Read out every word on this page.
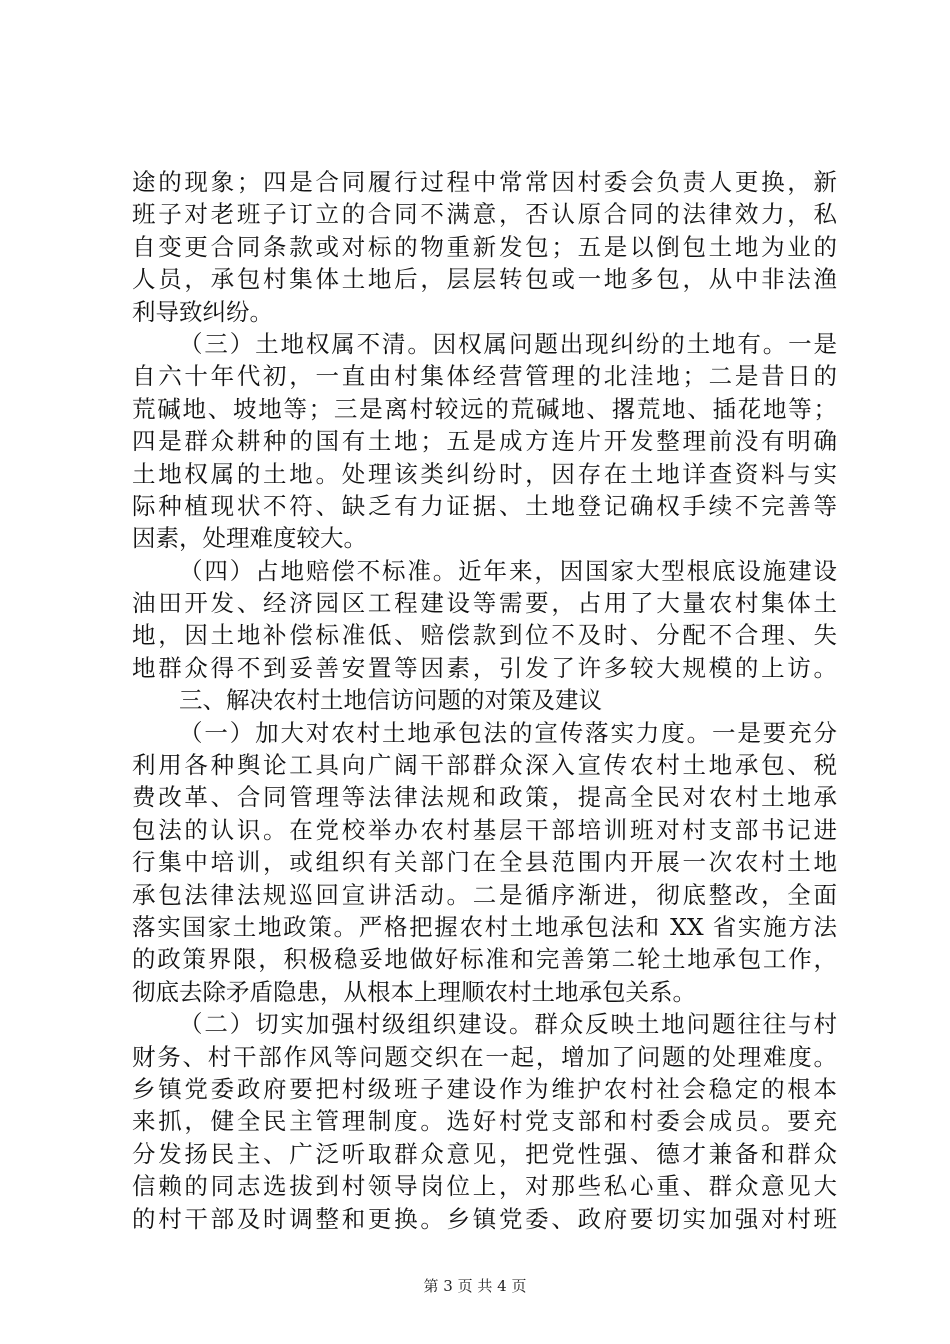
途的现象；四是合同履行过程中常常因村委会负责人更换，新
班子对老班子订立的合同不满意，否认原合同的法律效力，私
自变更合同条款或对标的物重新发包；五是以倒包土地为业的
人员，承包村集体土地后，层层转包或一地多包，从中非法渔
利导致纠纷。
（三）土地权属不清。因权属问题出现纠纷的土地有。一是
自六十年代初，一直由村集体经营管理的北洼地；二是昔日的
荒碱地、坡地等；三是离村较远的荒碱地、撂荒地、插花地等；
四是群众耕种的国有土地；五是成方连片开发整理前没有明确
土地权属的土地。处理该类纠纷时，因存在土地详查资料与实
际种植现状不符、缺乏有力证据、土地登记确权手续不完善等
因素，处理难度较大。
（四）占地赔偿不标准。近年来，因国家大型根底设施建设
油田开发、经济园区工程建设等需要，占用了大量农村集体土
地，因土地补偿标准低、赔偿款到位不及时、分配不合理、失
地群众得不到妥善安置等因素，引发了许多较大规模的上访。
三、解决农村土地信访问题的对策及建议
（一）加大对农村土地承包法的宣传落实力度。一是要充分
利用各种舆论工具向广阔干部群众深入宣传农村土地承包、税
费改革、合同管理等法律法规和政策，提高全民对农村土地承
包法的认识。在党校举办农村基层干部培训班对村支部书记进
行集中培训，或组织有关部门在全县范围内开展一次农村土地
承包法律法规巡回宣讲活动。二是循序渐进，彻底整改，全面
落实国家土地政策。严格把握农村土地承包法和 XX 省实施方法
的政策界限，积极稳妥地做好标准和完善第二轮土地承包工作，
彻底去除矛盾隐患，从根本上理顺农村土地承包关系。
（二）切实加强村级组织建设。群众反映土地问题往往与村
财务、村干部作风等问题交织在一起，增加了问题的处理难度。
乡镇党委政府要把村级班子建设作为维护农村社会稳定的根本
来抓，健全民主管理制度。选好村党支部和村委会成员。要充
分发扬民主、广泛听取群众意见，把党性强、德才兼备和群众
信赖的同志选拔到村领导岗位上，对那些私心重、群众意见大
的村干部及时调整和更换。乡镇党委、政府要切实加强对村班
第 3 页 共 4 页
